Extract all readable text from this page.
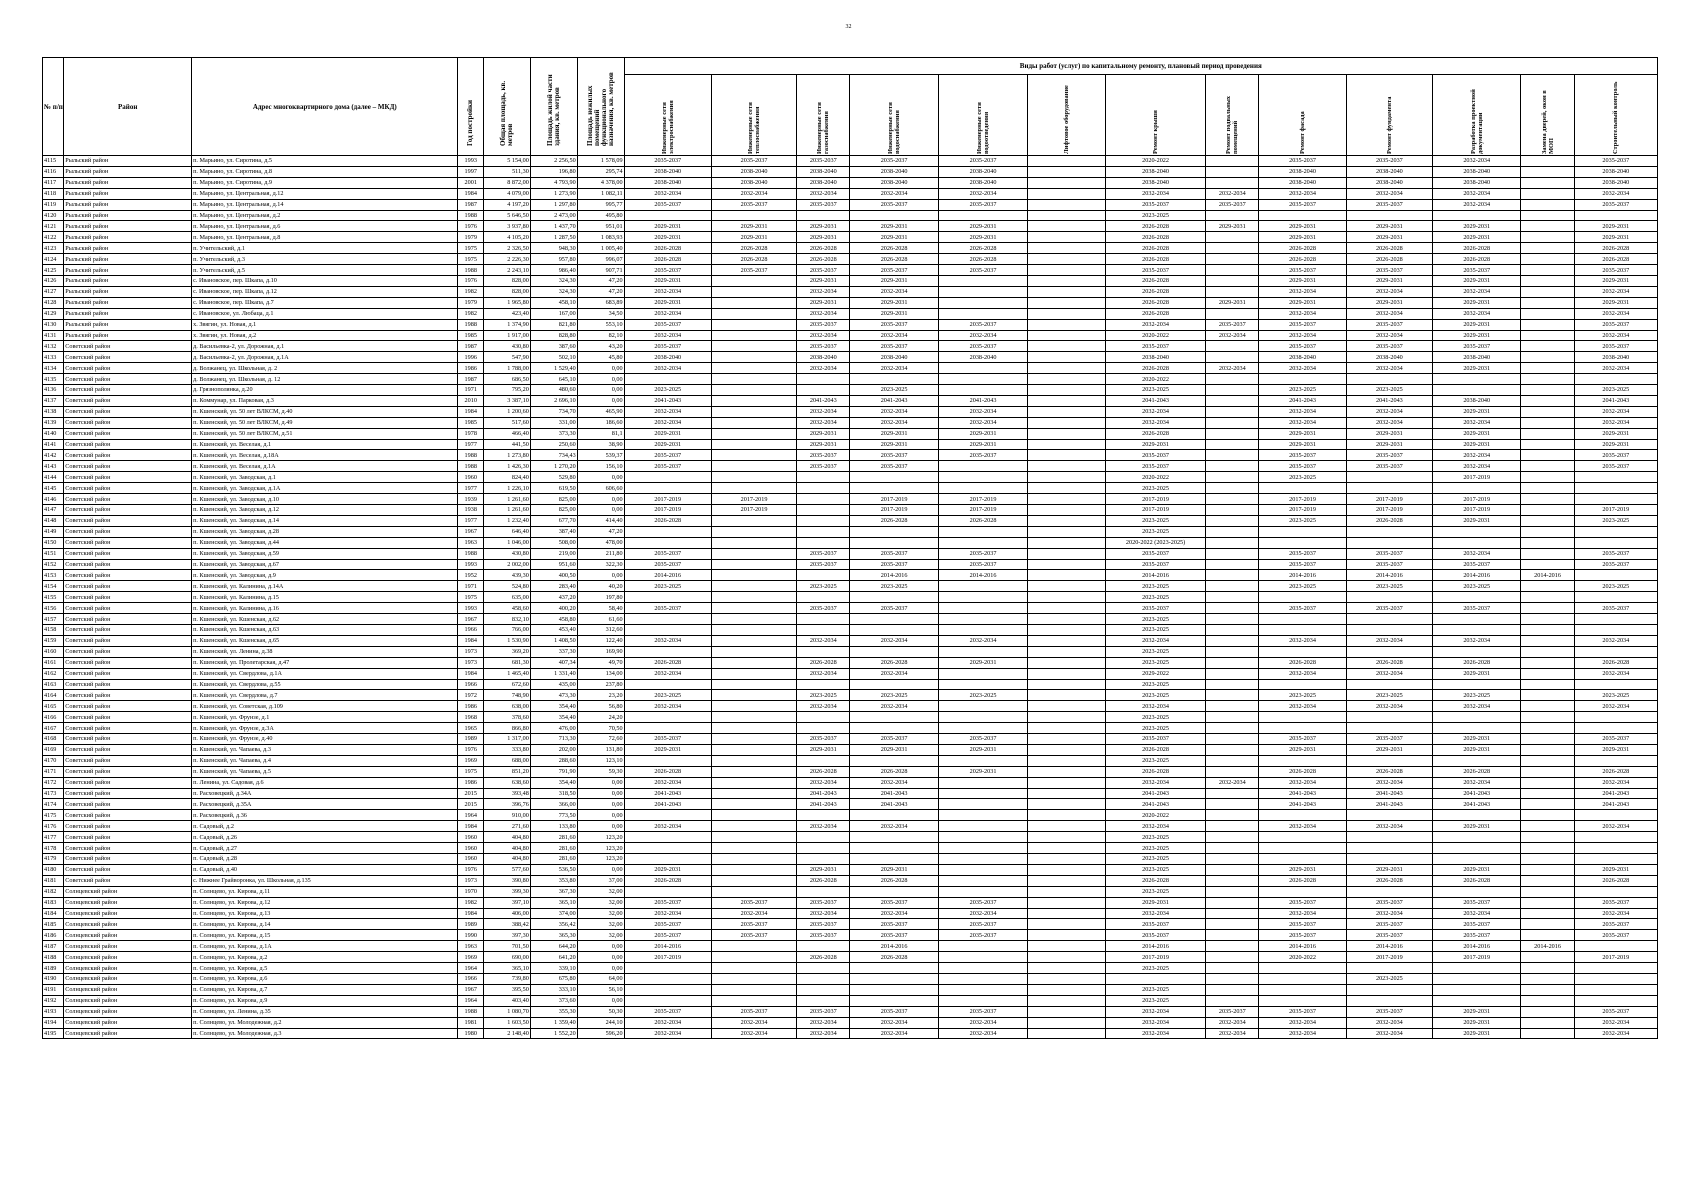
32
№ п/п	Район	Адрес многоквартирного дома (далее – МКД)	Год постройки	Общая площадь, кв. метров	Площадь жилой части здания, кв. метров	Площадь нежилых помещений функционального назначения, кв. метров	Виды работ (услуг) по капитальному ремонту, плановый период проведения												

							Инженерные сети электроснабжения	Инженерные сети теплоснабжения	Инженерные сети газоснабжения	Инженерные сети водоснабжения	Инженерные сети водоотведения	Лифтовое оборудование	Ремонт крыши	Ремонт подвальных помещений	Ремонт фасада	Ремонт фундамента	Разработка проектной документации	Замена дверей, окон в МОП	Строительный контроль

4115	Рыльский район	п. Марьино, ул. Сиротина, д.5	1993	5 154,00	2 256,50	1 578,09	2035-2037	2035-2037	2035-2037	2035-2037	2035-2037		2020-2022		2035-2037	2035-2037	2032-2034		2035-2037
4116	Рыльский район	п. Марьино, ул. Сиротина, д.8	1997	511,30	196,80	295,74	2038-2040	2038-2040	2038-2040	2038-2040	2038-2040		2038-2040		2038-2040	2038-2040	2038-2040		2038-2040
4117	Рыльский район	п. Марьино, ул. Сиротина, д.9	2001	8 872,00	4 793,90	4 378,00	2038-2040	2038-2040	2038-2040	2038-2040	2038-2040		2038-2040		2038-2040	2038-2040	2038-2040		2038-2040
4118	Рыльский район	п. Марьино, ул. Центральная, д.12	1984	4 079,00	1 273,90	1 082,11	2032-2034	2032-2034	2032-2034	2032-2034	2032-2034		2032-2034	2032-2034	2032-2034	2032-2034	2032-2034		2032-2034
4119	Рыльский район	п. Марьино, ул. Центральная, д.14	1987	4 197,20	1 297,80	995,77	2035-2037	2035-2037	2035-2037	2035-2037	2035-2037		2035-2037	2035-2037	2035-2037	2035-2037	2032-2034		2035-2037
4120	Рыльский район	п. Марьино, ул. Центральная, д.2	1988	5 646,50	2 473,00	495,80							2023-2025						
4121	Рыльский район	п. Марьино, ул. Центральная, д.6	1976	3 937,80	1 437,70	951,01	2029-2031	2029-2031	2029-2031	2029-2031	2029-2031		2026-2028	2029-2031	2029-2031	2029-2031	2029-2031		2029-2031
4122	Рыльский район	п. Марьино, ул. Центральная, д.8	1979	4 105,20	1 287,50	1 083,93	2029-2031	2029-2031	2029-2031	2029-2031	2029-2031		2026-2028		2029-2031	2029-2031	2029-2031		2029-2031
4123	Рыльский район	п. Учительский, д.1	1975	2 326,50	948,30	1 005,40	2026-2028	2026-2028	2026-2028	2026-2028	2026-2028		2026-2028		2026-2028	2026-2028	2026-2028		2026-2028
4124	Рыльский район	п. Учительский, д.3	1975	2 226,30	957,80	996,07	2026-2028	2026-2028	2026-2028	2026-2028	2026-2028		2026-2028		2026-2028	2026-2028	2026-2028		2026-2028
4125	Рыльский район	п. Учительский, д.5	1988	2 243,10	986,40	907,71	2035-2037	2035-2037	2035-2037	2035-2037	2035-2037		2035-2037		2035-2037	2035-2037	2035-2037		2035-2037
4126	Рыльский район	с. Ивановское, пер. Шкапа, д.10	1976	828,00	324,30	47,20	2029-2031		2029-2031	2029-2031			2026-2028		2029-2031	2029-2031	2029-2031		2029-2031
4127	Рыльский район	с. Ивановское, пер. Шкапа, д.12	1982	828,00	324,30	47,20	2032-2034		2032-2034	2032-2034			2026-2028		2032-2034	2032-2034	2032-2034		2032-2034
4128	Рыльский район	с. Ивановское, пер. Шкапа, д.7	1979	1 965,80	458,10	683,89	2029-2031		2029-2031	2029-2031			2026-2028	2029-2031	2029-2031	2029-2031	2029-2031		2029-2031
4129	Рыльский район	с. Ивановское, ул. Любаца, д.1	1982	423,40	167,00	34,50	2032-2034		2032-2034	2029-2031			2026-2028		2032-2034	2032-2034	2032-2034		2032-2034
4130	Рыльский район	х. Звягин, ул. Новая, д.1	1988	1 374,90	821,80	553,10	2035-2037		2035-2037	2035-2037	2035-2037		2032-2034	2035-2037	2035-2037	2035-2037	2029-2031		2035-2037
4131	Рыльский район	х. Звягин, ул. Новая, д.2	1985	1 917,00	828,80	82,10	2032-2034		2032-2034	2032-2034	2032-2034		2020-2022	2032-2034	2032-2034	2032-2034	2029-2031		2032-2034
4132	Советский район	д. Васильевка-2, ул. Дорожная, д.1	1987	430,80	387,60	43,20	2035-2037		2035-2037	2035-2037	2035-2037		2035-2037		2035-2037	2035-2037	2035-2037		2035-2037
4133	Советский район	д. Васильевка-2, ул. Дорожная, д.1А	1996	547,90	502,10	45,80	2038-2040		2038-2040	2038-2040	2038-2040		2038-2040		2038-2040	2038-2040	2038-2040		2038-2040
4134	Советский район	д. Волжанец, ул. Школьная, д. 2	1986	1 788,00	1 529,40	0,00	2032-2034		2032-2034	2032-2034			2026-2028	2032-2034	2032-2034	2032-2034	2029-2031		2032-2034
4135	Советский район	д. Волжанец, ул. Школьная, д. 12	1987	686,50	645,10	0,00							2020-2022						
4136	Советский район	д. Грязнополянка, д.20	1971	795,20	480,60	0,00	2023-2025			2023-2025			2023-2025		2023-2025	2023-2025			2023-2025
4137	Советский район	п. Коммунар, ул. Парковая, д.3	2010	3 387,10	2 696,10	0,00	2041-2043		2041-2043	2041-2043	2041-2043		2041-2043		2041-2043	2041-2043	2038-2040		2041-2043
4138	Советский район	п. Кшенский, ул. 50 лет ВЛКСМ, д.40	1984	1 200,60	734,70	465,90	2032-2034		2032-2034	2032-2034	2032-2034		2032-2034		2032-2034	2032-2034	2029-2031		2032-2034
4139	Советский район	п. Кшенский, ул. 50 лет ВЛКСМ, д.49	1985	517,60	331,00	186,60	2032-2034		2032-2034	2032-2034	2032-2034		2032-2034		2032-2034	2032-2034	2032-2034		2032-2034
4140	Советский район	п. Кшенский, ул. 50 лет ВЛКСМ, д.51	1978	466,40	373,30	81,1	2029-2031		2029-2031	2029-2031	2029-2031		2026-2028		2029-2031	2029-2031	2029-2031		2029-2031
4141	Советский район	п. Кшенский, ул. Веселая, д.1	1977	441,50	250,60	38,90	2029-2031		2029-2031	2029-2031	2029-2031		2029-2031		2029-2031	2029-2031	2029-2031		2029-2031
4142	Советский район	п. Кшенский, ул. Веселая, д.18А	1988	1 273,80	734,43	539,37	2035-2037		2035-2037	2035-2037	2035-2037		2035-2037		2035-2037	2035-2037	2032-2034		2035-2037
4143	Советский район	п. Кшенский, ул. Веселая, д.1А	1988	1 426,30	1 270,20	156,10	2035-2037		2035-2037	2035-2037			2035-2037		2035-2037	2035-2037	2032-2034		2035-2037
4144	Советский район	п. Кшенский, ул. Заводская, д.1	1960	824,40	529,80	0,00							2020-2022		2023-2025		2017-2019		
4145	Советский район	п. Кшенский, ул. Заводская, д.1А	1977	1 226,10	619,50	606,60							2023-2025						
4146	Советский район	п. Кшенский, ул. Заводская, д.10	1939	1 261,60	825,00	0,00	2017-2019	2017-2019		2017-2019	2017-2019		2017-2019		2017-2019	2017-2019	2017-2019		
4147	Советский район	п. Кшенский, ул. Заводская, д.12	1938	1 261,60	825,00	0,00	2017-2019	2017-2019		2017-2019	2017-2019		2017-2019		2017-2019	2017-2019	2017-2019		2017-2019
4148	Советский район	п. Кшенский, ул. Заводская, д.14	1977	1 232,40	677,70	414,40	2026-2028			2026-2028	2026-2028		2023-2025		2023-2025	2026-2028	2029-2031		2023-2025
4149	Советский район	п. Кшенский, ул. Заводская, д.28	1967	646,40	387,40	47,20							2023-2025						
4150	Советский район	п. Кшенский, ул. Заводская, д.44	1963	1 046,00	508,00	478,00							2020-2022 (2023-2025)						
4151	Советский район	п. Кшенский, ул. Заводская, д.59	1988	430,80	219,00	211,80	2035-2037		2035-2037	2035-2037	2035-2037		2035-2037		2035-2037	2035-2037	2032-2034		2035-2037
4152	Советский район	п. Кшенский, ул. Заводская, д.67	1993	2 002,00	951,60	322,30	2035-2037		2035-2037	2035-2037	2035-2037		2035-2037		2035-2037	2035-2037	2035-2037		2035-2037
4153	Советский район	п. Кшенский, ул. Заводская, д.9	1952	439,30	400,50	0,00	2014-2016			2014-2016	2014-2016		2014-2016		2014-2016	2014-2016	2014-2016	2014-2016	
4154	Советский район	п. Кшенский, ул. Калинина, д.14А	1971	524,80	283,40	40,20	2023-2025		2023-2025	2023-2025			2023-2025		2023-2025	2023-2025	2023-2025		2023-2025
4155	Советский район	п. Кшенский, ул. Калинина, д.15	1975	635,00	437,20	197,80							2023-2025						
4156	Советский район	п. Кшенский, ул. Калинина, д.16	1993	458,60	400,20	58,40	2035-2037		2035-2037	2035-2037			2035-2037		2035-2037	2035-2037	2035-2037		2035-2037
4157	Советский район	п. Кшенский, ул. Кшенская, д.62	1967	832,10	458,80	61,60							2023-2025						
4158	Советский район	п. Кшенский, ул. Кшенская, д.63	1966	766,00	453,40	312,60							2023-2025						
4159	Советский район	п. Кшенский, ул. Кшенская, д.65	1984	1 530,90	1 408,50	122,40	2032-2034		2032-2034	2032-2034	2032-2034		2032-2034		2032-2034	2032-2034	2032-2034		2032-2034
4160	Советский район	п. Кшенский, ул. Ленина, д.38	1973	369,20	337,30	169,90							2023-2025						
4161	Советский район	п. Кшенский, ул. Пролетарская, д.47	1973	681,30	407,34	49,70	2026-2028		2026-2028	2026-2028	2029-2031		2023-2025		2026-2028	2026-2028	2026-2028		2026-2028
4162	Советский район	п. Кшенский, ул. Свердлова, д.1А	1984	1 465,40	1 331,40	134,00	2032-2034		2032-2034	2032-2034			2029-2022		2032-2034	2032-2034	2029-2031		2032-2034
4163	Советский район	п. Кшенский, ул. Свердлова, д.55	1966	672,60	435,00	237,80							2023-2025						
4164	Советский район	п. Кшенский, ул. Свердлова, д.7	1972	748,90	473,30	23,20	2023-2025		2023-2025	2023-2025	2023-2025		2023-2025		2023-2025	2023-2025	2023-2025		2023-2025
4165	Советский район	п. Кшенский, ул. Советская, д.109	1986	638,00	354,40	56,80	2032-2034		2032-2034	2032-2034			2032-2034		2032-2034	2032-2034	2032-2034		2032-2034
4166	Советский район	п. Кшенский, ул. Фрунзе, д.1	1968	378,60	354,40	24,20							2023-2025						
4167	Советский район	п. Кшенский, ул. Фрунзе, д.3А	1965	866,80	476,00	70,50							2023-2025						
4168	Советский район	п. Кшенский, ул. Фрунзе, д.40	1989	1 317,00	713,30	72,60	2035-2037		2035-2037	2035-2037	2035-2037		2035-2037		2035-2037	2035-2037	2029-2031		2035-2037
4169	Советский район	п. Кшенский, ул. Чапаева, д.3	1976	333,80	202,00	131,80	2029-2031		2029-2031	2029-2031	2029-2031		2026-2028		2029-2031	2029-2031	2029-2031		2029-2031
4170	Советский район	п. Кшенский, ул. Чапаева, д.4	1969	688,00	288,60	123,10							2023-2025						
4171	Советский район	п. Кшенский, ул. Чапаева, д.5	1975	851,20	791,90	59,30	2026-2028		2026-2028	2026-2028	2029-2031		2026-2028		2026-2028	2026-2028	2026-2028		2026-2028
4172	Советский район	п. Ленина, ул. Садовая, д.6	1986	638,60	354,40	0,00	2032-2034		2032-2034	2032-2034			2032-2034	2032-2034	2032-2034	2032-2034	2032-2034		2032-2034
4173	Советский район	п. Расховецкий, д.34А	2015	393,48	318,50	0,00	2041-2043		2041-2043	2041-2043			2041-2043		2041-2043	2041-2043	2041-2043		2041-2043
4174	Советский район	п. Расховецкий, д.35А	2015	396,76	366,00	0,00	2041-2043		2041-2043	2041-2043			2041-2043		2041-2043	2041-2043	2041-2043		2041-2043
4175	Советский район	п. Расховецкий, д.36	1964	910,00	773,50	0,00							2020-2022						
4176	Советский район	п. Садовый, д.2	1984	271,60	133,80	0,00	2032-2034		2032-2034	2032-2034			2032-2034		2032-2034	2032-2034	2029-2031		2032-2034
4177	Советский район	п. Садовый, д.26	1960	404,80	281,60	123,20							2023-2025						
4178	Советский район	п. Садовый, д.27	1960	404,80	281,60	123,20							2023-2025						
4179	Советский район	п. Садовый, д.28	1960	404,80	281,60	123,20							2023-2025						
4180	Советский район	п. Садовый, д.40	1976	577,60	536,50	0,00	2029-2031		2029-2031	2029-2031			2023-2025		2029-2031	2029-2031	2029-2031		2029-2031
4181	Советский район	с. Нижнее Грайворонка, ул. Школьная, д.135	1973	390,80	353,80	37,00	2026-2028		2026-2028	2026-2028			2026-2028		2026-2028	2026-2028	2026-2028		2026-2028
4182	Солнцевский район	п. Солнцево, ул. Кирова, д.11	1970	399,30	367,30	32,00							2023-2025						
4183	Солнцевский район	п. Солнцево, ул. Кирова, д.12	1982	397,10	365,10	32,00	2035-2037	2035-2037	2035-2037	2035-2037	2035-2037		2029-2031		2035-2037	2035-2037	2035-2037		2035-2037
4184	Солнцевский район	п. Солнцево, ул. Кирова, д.13	1984	406,00	374,00	32,00	2032-2034	2032-2034	2032-2034	2032-2034	2032-2034		2032-2034		2032-2034	2032-2034	2032-2034		2032-2034
4185	Солнцевский район	п. Солнцево, ул. Кирова, д.14	1989	388,42	356,42	32,00	2035-2037	2035-2037	2035-2037	2035-2037	2035-2037		2035-2037		2035-2037	2035-2037	2035-2037		2035-2037
4186	Солнцевский район	п. Солнцево, ул. Кирова, д.15	1990	397,30	365,30	32,00	2035-2037	2035-2037	2035-2037	2035-2037	2035-2037		2035-2037		2035-2037	2035-2037	2035-2037		2035-2037
4187	Солнцевский район	п. Солнцево, ул. Кирова, д.1А	1963	701,50	644,20	0,00	2014-2016			2014-2016			2014-2016		2014-2016	2014-2016	2014-2016	2014-2016	
4188	Солнцевский район	п. Солнцево, ул. Кирова, д.2	1969	690,00	641,20	0,00	2017-2019		2026-2028	2026-2028			2017-2019		2020-2022	2017-2019	2017-2019		2017-2019
4189	Солнцевский район	п. Солнцево, ул. Кирова, д.5	1964	365,10	339,10	0,00							2023-2025						
4190	Солнцевский район	п. Солнцево, ул. Кирова, д.6	1966	739,80	675,80	64,00										2023-2025			
4191	Солнцевский район	п. Солнцево, ул. Кирова, д.7	1967	395,50	333,10	56,10							2023-2025						
4192	Солнцевский район	п. Солнцево, ул. Кирова, д.9	1964	403,40	373,60	0,00							2023-2025						
4193	Солнцевский район	п. Солнцево, ул. Ленина, д.35	1988	1 080,70	355,30	50,30	2035-2037	2035-2037	2035-2037	2035-2037	2035-2037		2032-2034	2035-2037	2035-2037	2035-2037	2029-2031		2035-2037
4194	Солнцевский район	п. Солнцево, ул. Молодежная, д.2	1981	1 603,50	1 359,40	244,10	2032-2034	2032-2034	2032-2034	2032-2034	2032-2034		2032-2034	2032-2034	2032-2034	2032-2034	2029-2031		2032-2034
4195	Солнцевский район	п. Солнцево, ул. Молодежная, д.3	1980	2 148,40	1 552,20	596,20	2032-2034	2032-2034	2032-2034	2032-2034	2032-2034		2032-2034	2032-2034	2032-2034	2032-2034	2029-2031		2032-2034
